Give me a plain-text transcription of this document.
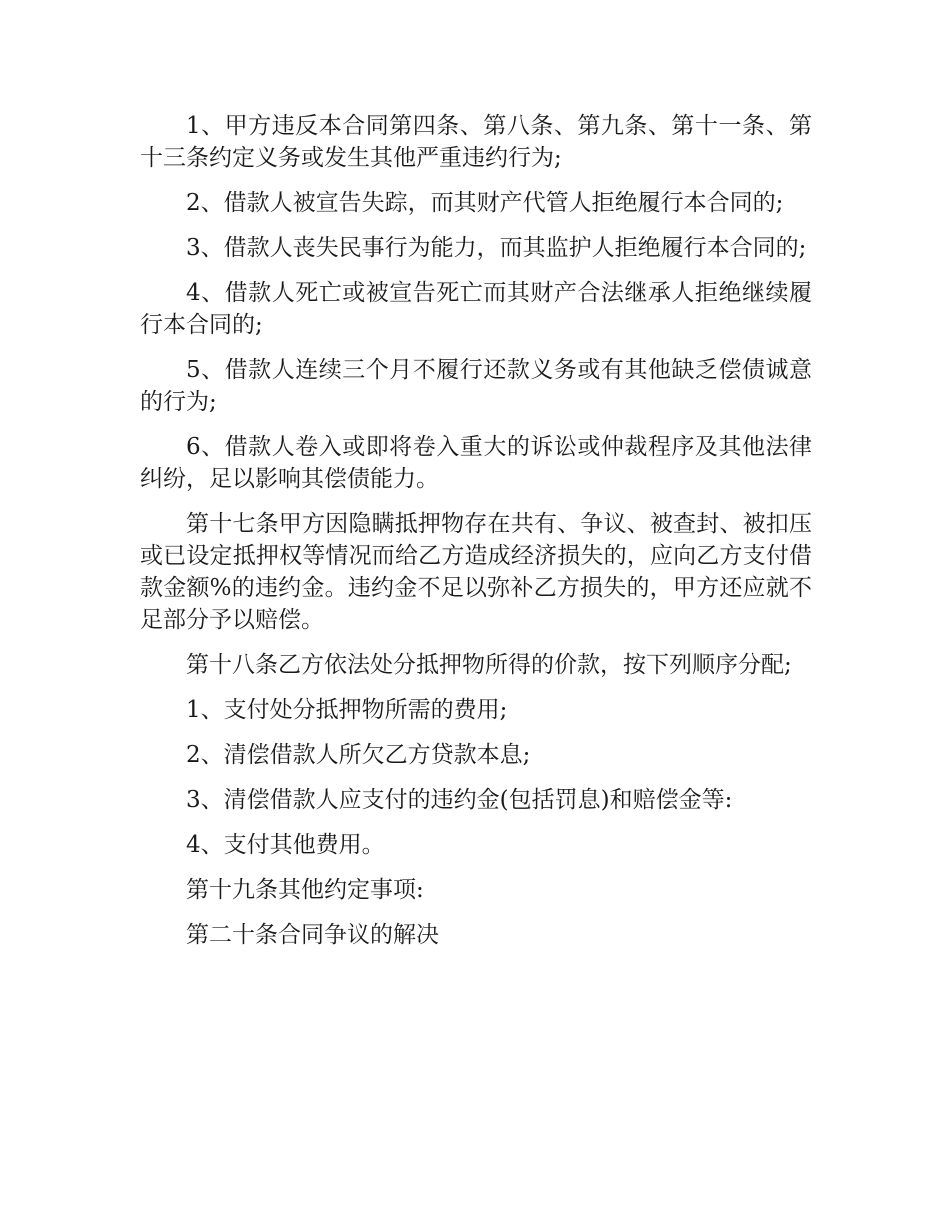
1、甲方违反本合同第四条、第八条、第九条、第十一条、第十三条约定义务或发生其他严重违约行为;

2、借款人被宣告失踪，而其财产代管人拒绝履行本合同的;

3、借款人丧失民事行为能力，而其监护人拒绝履行本合同的;

4、借款人死亡或被宣告死亡而其财产合法继承人拒绝继续履行本合同的;

5、借款人连续三个月不履行还款义务或有其他缺乏偿债诚意的行为;

6、借款人卷入或即将卷入重大的诉讼或仲裁程序及其他法律纠纷，足以影响其偿债能力。

第十七条甲方因隐瞒抵押物存在共有、争议、被查封、被扣压或已设定抵押权等情况而给乙方造成经济损失的，应向乙方支付借款金额%的违约金。违约金不足以弥补乙方损失的，甲方还应就不足部分予以赔偿。

第十八条乙方依法处分抵押物所得的价款，按下列顺序分配;

1、支付处分抵押物所需的费用;

2、清偿借款人所欠乙方贷款本息;

3、清偿借款人应支付的违约金(包括罚息)和赔偿金等:

4、支付其他费用。

第十九条其他约定事项:

第二十条合同争议的解决
